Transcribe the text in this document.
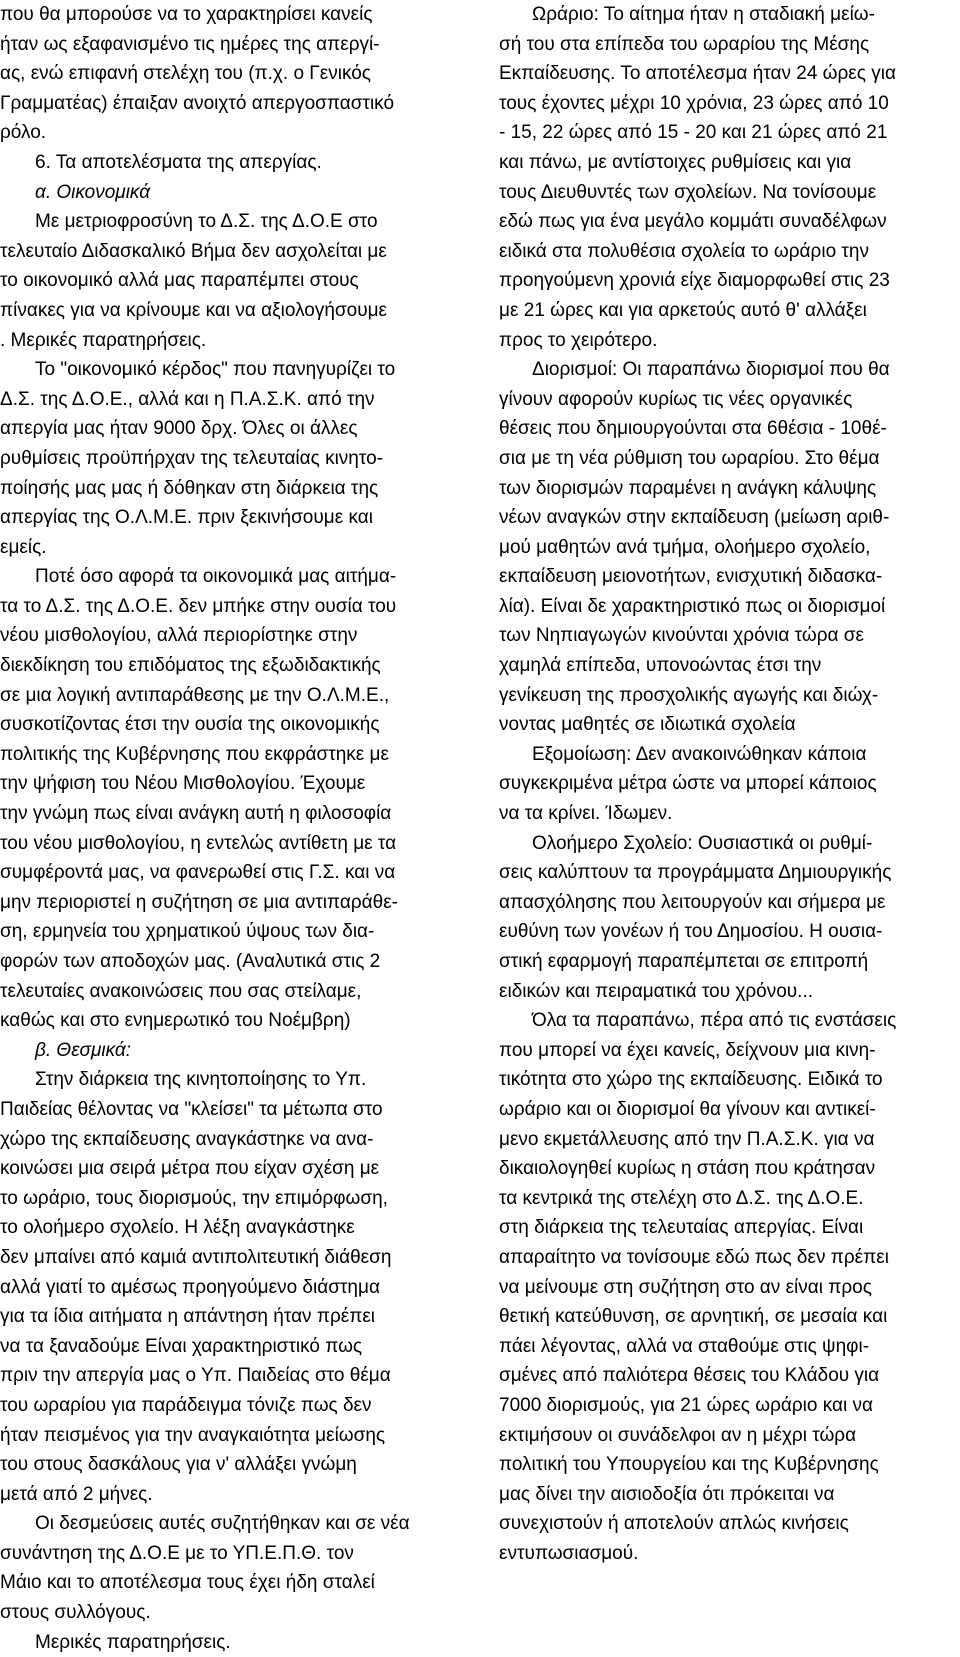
που θα μπορούσε να το χαρακτηρίσει κανείς
ήταν ως εξαφανισμένο τις ημέρες της απεργί-
ας, ενώ επιφανή στελέχη του (π.χ. ο Γενικός
Γραμματέας) έπαιξαν ανοιχτό απεργοσπαστικό
ρόλο.
6. Τα αποτελέσματα της απεργίας.
α. Οικονομικά
Με μετριοφροσύνη το Δ.Σ. της Δ.Ο.Ε στο
τελευταίο Διδασκαλικό Βήμα δεν ασχολείται με
το οικονομικό αλλά μας παραπέμπει στους
πίνακες για να κρίνουμε και να αξιολογήσουμε
. Μερικές παρατηρήσεις.
Το "οικονομικό κέρδος" που πανηγυρίζει το
Δ.Σ. της Δ.Ο.Ε., αλλά και η Π.Α.Σ.Κ. από την
απεργία μας ήταν 9000 δρχ. Όλες οι άλλες
ρυθμίσεις προϋπήρχαν της τελευταίας κινητο-
ποίησής μας μας ή δόθηκαν στη διάρκεια της
απεργίας της Ο.Λ.Μ.Ε. πριν ξεκινήσουμε και
εμείς.
Ποτέ όσο αφορά τα οικονομικά μας αιτήμα-
τα το Δ.Σ. της Δ.Ο.Ε. δεν μπήκε στην ουσία του
νέου μισθολογίου, αλλά περιορίστηκε στην
διεκδίκηση του επιδόματος της εξωδιδακτικής
σε μια λογική αντιπαράθεσης με την Ο.Λ.Μ.Ε.,
συσκοτίζοντας έτσι την ουσία της οικονομικής
πολιτικής της Κυβέρνησης που εκφράστηκε με
την ψήφιση του Νέου Μισθολογίου. Έχουμε
την γνώμη πως είναι ανάγκη αυτή η φιλοσοφία
του νέου μισθολογίου, η εντελώς αντίθετη με τα
συμφέροντά μας, να φανερωθεί στις Γ.Σ. και να
μην περιοριστεί η συζήτηση σε μια αντιπαράθε-
ση, ερμηνεία του χρηματικού ύψους των δια-
φορών των αποδοχών μας. (Αναλυτικά στις 2
τελευταίες ανακοινώσεις που σας στείλαμε,
καθώς και στο ενημερωτικό του Νοέμβρη)
β. Θεσμικά:
Στην διάρκεια της κινητοποίησης το Υπ.
Παιδείας θέλοντας να "κλείσει" τα μέτωπα στο
χώρο της εκπαίδευσης αναγκάστηκε να ανα-
κοινώσει μια σειρά μέτρα που είχαν σχέση με
το ωράριο, τους διορισμούς, την επιμόρφωση,
το ολοήμερο σχολείο. Η λέξη αναγκάστηκε
δεν μπαίνει από καμιά αντιπολιτευτική διάθεση
αλλά γιατί το αμέσως προηγούμενο διάστημα
για τα ίδια αιτήματα η απάντηση ήταν πρέπει
να τα ξαναδούμε Είναι χαρακτηριστικό πως
πριν την απεργία μας ο Υπ. Παιδείας στο θέμα
του ωραρίου για παράδειγμα τόνιζε πως δεν
ήταν πεισμένος για την αναγκαιότητα μείωσης
του στους δασκάλους για ν' αλλάξει γνώμη
μετά από 2 μήνες.
Οι δεσμεύσεις αυτές συζητήθηκαν και σε νέα
συνάντηση της Δ.Ο.Ε με το ΥΠ.Ε.Π.Θ. τον
Μάιο και το αποτέλεσμα τους έχει ήδη σταλεί
στους συλλόγους.
Μερικές παρατηρήσεις.
Ωράριο: Το αίτημα ήταν η σταδιακή μείω-
σή του στα επίπεδα του ωραρίου της Μέσης
Εκπαίδευσης. Το αποτέλεσμα ήταν 24 ώρες για
τους έχοντες μέχρι 10 χρόνια, 23 ώρες από 10
- 15, 22 ώρες από 15 - 20 και 21 ώρες από 21
και πάνω, με αντίστοιχες ρυθμίσεις και για
τους Διευθυντές των σχολείων. Να τονίσουμε
εδώ πως για ένα μεγάλο κομμάτι συναδέλφων
ειδικά στα πολυθέσια σχολεία το ωράριο την
προηγούμενη χρονιά είχε διαμορφωθεί στις 23
με 21 ώρες και για αρκετούς αυτό θ' αλλάξει
προς το χειρότερο.
Διορισμοί: Οι παραπάνω διορισμοί που θα
γίνουν αφορούν κυρίως τις νέες οργανικές
θέσεις που δημιουργούνται στα 6θέσια - 10θέ-
σια με τη νέα ρύθμιση του ωραρίου. Στο θέμα
των διορισμών παραμένει η ανάγκη κάλυψης
νέων αναγκών στην εκπαίδευση (μείωση αριθ-
μού μαθητών ανά τμήμα, ολοήμερο σχολείο,
εκπαίδευση μειονοτήτων, ενισχυτική διδασκα-
λία). Είναι δε χαρακτηριστικό πως οι διορισμοί
των Νηπιαγωγών κινούνται χρόνια τώρα σε
χαμηλά επίπεδα, υπονοώντας έτσι την
γενίκευση της προσχολικής αγωγής και διώχ-
νοντας μαθητές σε ιδιωτικά σχολεία
Εξομοίωση: Δεν ανακοινώθηκαν κάποια
συγκεκριμένα μέτρα ώστε να μπορεί κάποιος
να τα κρίνει. Ίδωμεν.
Ολοήμερο Σχολείο: Ουσιαστικά οι ρυθμί-
σεις καλύπτουν τα προγράμματα Δημιουργικής
απασχόλησης που λειτουργούν και σήμερα με
ευθύνη των γονέων ή του Δημοσίου. Η ουσια-
στική εφαρμογή παραπέμπεται σε επιτροπή
ειδικών και πειραματικά του χρόνου...
Όλα τα παραπάνω, πέρα από τις ενστάσεις
που μπορεί να έχει κανείς, δείχνουν μια κινη-
τικότητα στο χώρο της εκπαίδευσης. Ειδικά το
ωράριο και οι διορισμοί θα γίνουν και αντικεί-
μενο εκμετάλλευσης από την Π.Α.Σ.Κ. για να
δικαιολογηθεί κυρίως η στάση που κράτησαν
τα κεντρικά της στελέχη στο Δ.Σ. της Δ.Ο.Ε.
στη διάρκεια της τελευταίας απεργίας. Είναι
απαραίτητο να τονίσουμε εδώ πως δεν πρέπει
να μείνουμε στη συζήτηση στο αν είναι προς
θετική κατεύθυνση, σε αρνητική, σε μεσαία και
πάει λέγοντας, αλλά να σταθούμε στις ψηφι-
σμένες από παλιότερα θέσεις του Κλάδου για
7000 διορισμούς, για 21 ώρες ωράριο και να
εκτιμήσουν οι συνάδελφοι αν η μέχρι τώρα
πολιτική του Υπουργείου και της Κυβέρνησης
μας δίνει την αισιοδοξία ότι πρόκειται να
συνεχιστούν ή αποτελούν απλώς κινήσεις
εντυπωσιασμού.
